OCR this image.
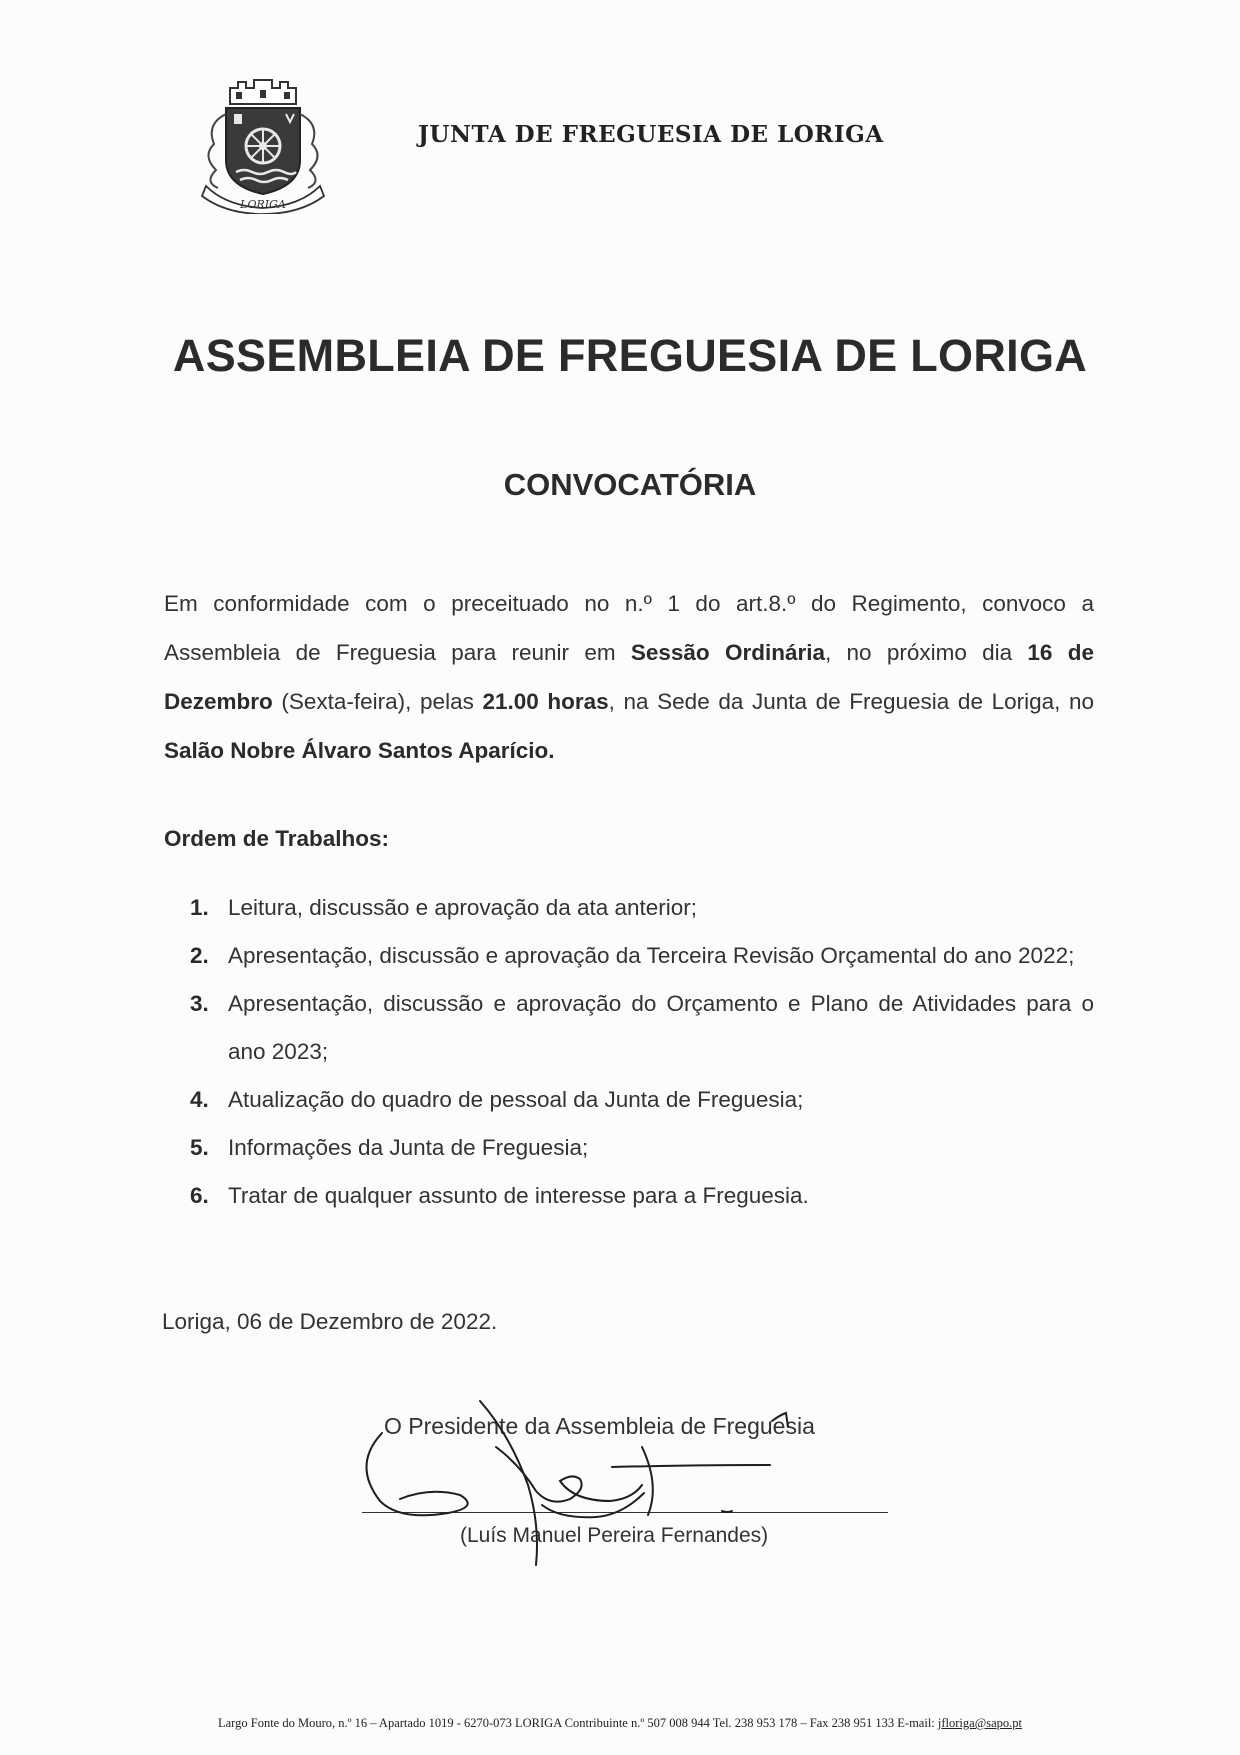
LORIGA
JUNTA DE FREGUESIA DE LORIGA
ASSEMBLEIA DE FREGUESIA DE LORIGA
CONVOCATÓRIA
Em conformidade com o preceituado no n.º 1 do art.8.º do Regimento, convoco a Assembleia de Freguesia para reunir em Sessão Ordinária, no próximo dia 16 de Dezembro (Sexta-feira), pelas 21.00 horas, na Sede da Junta de Freguesia de Loriga, no Salão Nobre Álvaro Santos Aparício.
Ordem de Trabalhos:
1. Leitura, discussão e aprovação da ata anterior;
2. Apresentação, discussão e aprovação da Terceira Revisão Orçamental do ano 2022;
3. Apresentação, discussão e aprovação do Orçamento e Plano de Atividades para o ano 2023;
4. Atualização do quadro de pessoal da Junta de Freguesia;
5. Informações da Junta de Freguesia;
6. Tratar de qualquer assunto de interesse para a Freguesia.
Loriga, 06 de Dezembro de 2022.
O Presidente da Assembleia de Freguesia
(Luís Manuel Pereira Fernandes)
Largo Fonte do Mouro, n.º 16 – Apartado 1019 - 6270-073 LORIGA Contribuinte n.º 507 008 944 Tel. 238 953 178 – Fax 238 951 133 E-mail: jfloriga@sapo.pt
